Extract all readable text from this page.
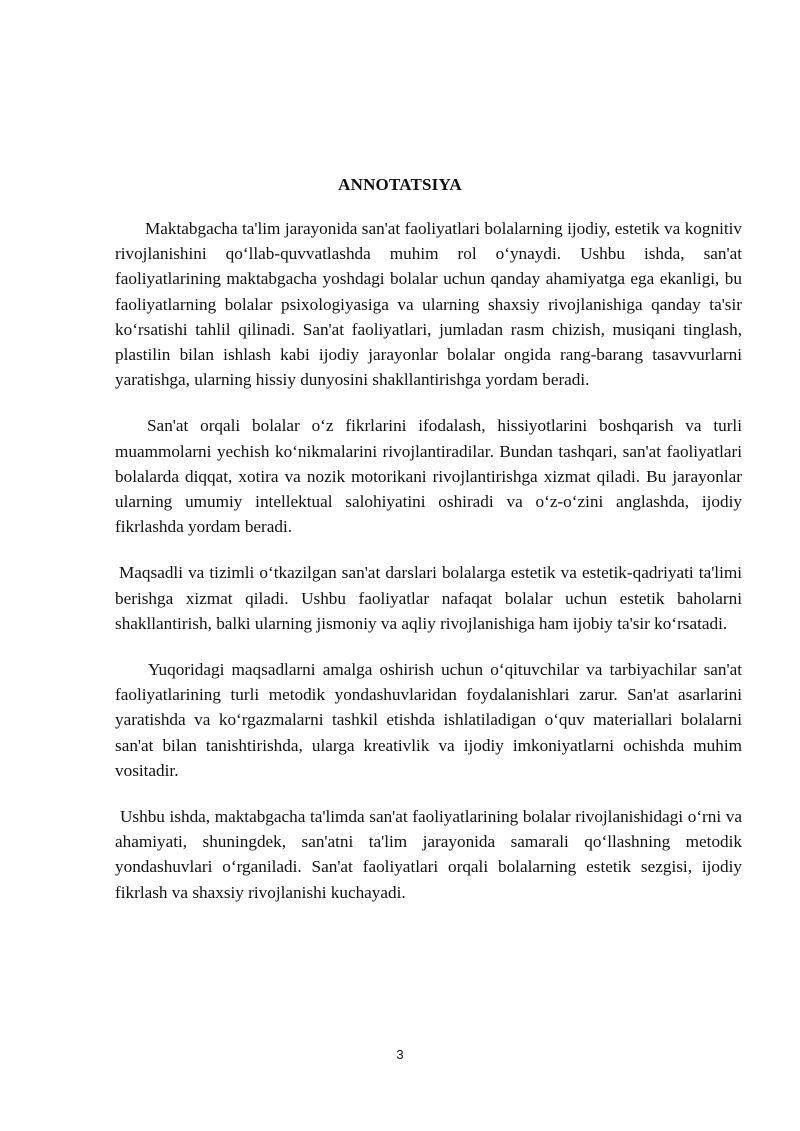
ANNOTATSIYA

Maktabgacha ta'lim jarayonida san'at faoliyatlari bolalarning ijodiy, estetik va kognitiv rivojlanishini qo‘llab-quvvatlashda muhim rol o‘ynaydi. Ushbu ishda, san'at faoliyatlarining maktabgacha yoshdagi bolalar uchun qanday ahamiyatga ega ekanligi, bu faoliyatlarning bolalar psixologiyasiga va ularning shaxsiy rivojlanishiga qanday ta'sir ko‘rsatishi tahlil qilinadi. San'at faoliyatlari, jumladan rasm chizish, musiqani tinglash, plastilin bilan ishlash kabi ijodiy jarayonlar bolalar ongida rang-barang tasavvurlarni yaratishga, ularning hissiy dunyosini shakllantirishga yordam beradi.

San'at orqali bolalar o‘z fikrlarini ifodalash, hissiyotlarini boshqarish va turli muammolarni yechish ko‘nikmalarini rivojlantiradilar. Bundan tashqari, san'at faoliyatlari bolalarda diqqat, xotira va nozik motorikani rivojlantirishga xizmat qiladi. Bu jarayonlar ularning umumiy intellektual salohiyatini oshiradi va o‘z-o‘zini anglashda, ijodiy fikrlashda yordam beradi.

Maqsadli va tizimli o‘tkazilgan san'at darslari bolalarga estetik va estetik-qadriyati ta'limi berishga xizmat qiladi. Ushbu faoliyatlar nafaqat bolalar uchun estetik baholarni shakllantirish, balki ularning jismoniy va aqliy rivojlanishiga ham ijobiy ta'sir ko‘rsatadi.

Yuqoridagi maqsadlarni amalga oshirish uchun o‘qituvchilar va tarbiyachilar san'at faoliyatlarining turli metodik yondashuvlaridan foydalanishlari zarur. San'at asarlarini yaratishda va ko‘rgazmalarni tashkil etishda ishlatiladigan o‘quv materiallari bolalarni san'at bilan tanishtirishda, ularga kreativlik va ijodiy imkoniyatlarni ochishda muhim vositadir.

Ushbu ishda, maktabgacha ta'limda san'at faoliyatlarining bolalar rivojlanishidagi o‘rni va ahamiyati, shuningdek, san'atni ta'lim jarayonida samarali qo‘llashning metodik yondashuvlari o‘rganiladi. San'at faoliyatlari orqali bolalarning estetik sezgisi, ijodiy fikrlash va shaxsiy rivojlanishi kuchayadi.

3
